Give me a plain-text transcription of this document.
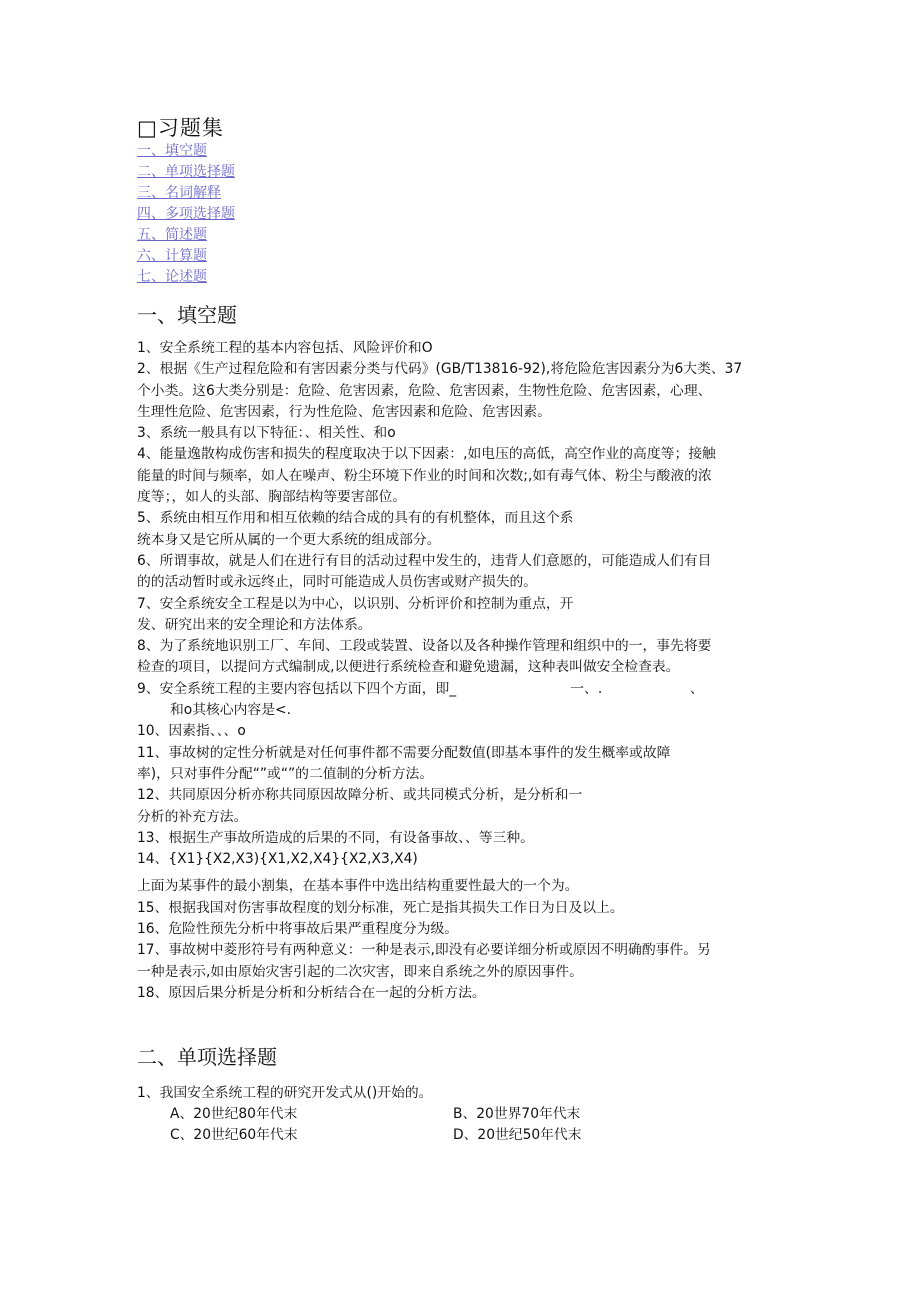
□习题集
一、填空题
二、单项选择题
三、名词解释
四、多项选择题
五、简述题
六、计算题
七、论述题
一、填空题
1、安全系统工程的基本内容包括、风险评价和O
2、根据《生产过程危险和有害因素分类与代码》(GB/T13816-92),将危险危害因素分为6大类、37
个小类。这6大类分别是：危险、危害因素，危险、危害因素，生物性危险、危害因素，心理、
生理性危险、危害因素，行为性危险、危害因素和危险、危害因素。
3、系统一般具有以下特征：、相关性、和o
4、能量逸散构成伤害和损失的程度取决于以下因素：,如电压的高低，高空作业的高度等；接触
能量的时间与频率，如人在噪声、粉尘环境下作业的时间和次数;,如有毒气体、粉尘与酸液的浓
度等；，如人的头部、胸部结构等要害部位。
5、系统由相互作用和相互依赖的结合成的具有的有机整体，而且这个系
统本身又是它所从属的一个更大系统的组成部分。
6、所谓事故，就是人们在进行有目的活动过程中发生的，违背人们意愿的，可能造成人们有目
的的活动暂时或永远终止，同时可能造成人员伤害或财产损失的。
7、安全系统安全工程是以为中心，以识别、分析评价和控制为重点，开
发、研究出来的安全理论和方法体系。
8、为了系统地识别工厂、车间、工段或装置、设备以及各种操作管理和组织中的一，事先将要
检查的项目，以提问方式编制成,以便进行系统检查和避免遗漏，这种表叫做安全检查表。
9、安全系统工程的主要内容包括以下四个方面，即_                          一、.                    、
和o其核心内容是<.
10、因素指、、、o
11、事故树的定性分析就是对任何事件都不需要分配数值(即基本事件的发生概率或故障
率)，只对事件分配“”或“”的二值制的分析方法。
12、共同原因分析亦称共同原因故障分析、或共同模式分析，是分析和一
分析的补充方法。
13、根据生产事故所造成的后果的不同，有设备事故、、等三种。
14、{X1}{X2,X3){X1,X2,X4}{X2,X3,X4)
上面为某事件的最小割集，在基本事件中选出结构重要性最大的一个为。
15、根据我国对伤害事故程度的划分标准，死亡是指其损失工作日为日及以上。
16、危险性预先分析中将事故后果严重程度分为级。
17、事故树中菱形符号有两种意义：一种是表示,即没有必要详细分析或原因不明确酌事件。另
一种是表示,如由原始灾害引起的二次灾害，即来自系统之外的原因事件。
18、原因后果分析是分析和分析结合在一起的分析方法。
二、单项选择题
1、我国安全系统工程的研究开发式从()开始的。
A、20世纪80年代末	B、20世界70年代末
C、20世纪60年代末	D、20世纪50年代末
